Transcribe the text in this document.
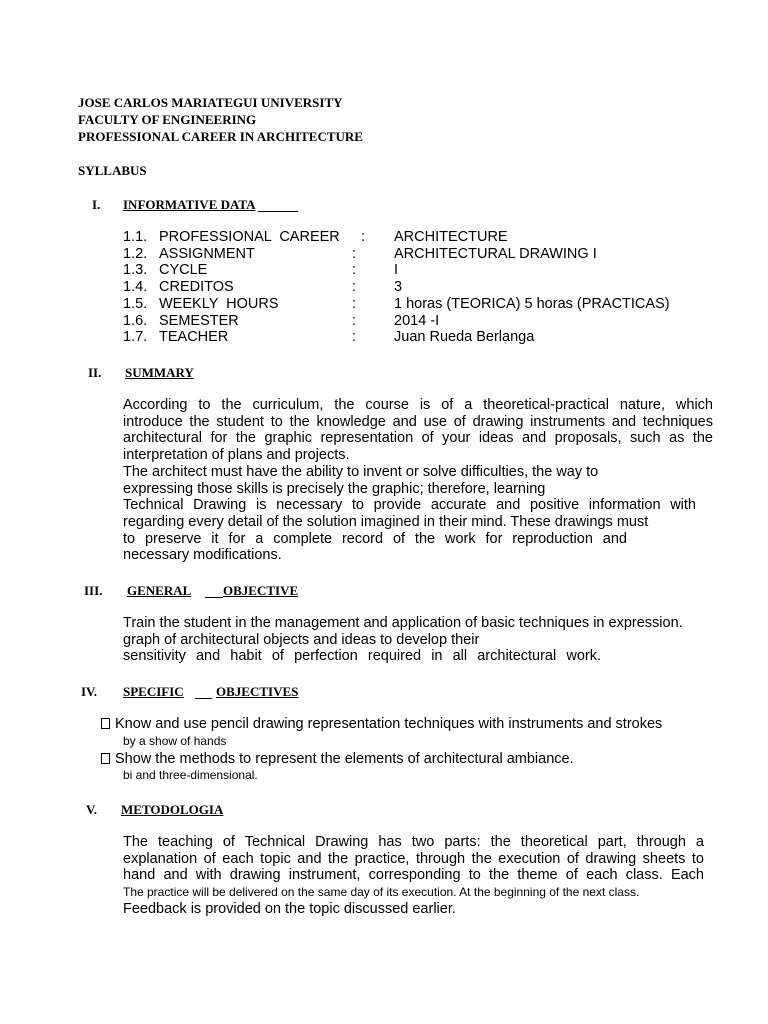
JOSE CARLOS MARIATEGUI UNIVERSITY
FACULTY OF ENGINEERING
PROFESSIONAL CAREER IN ARCHITECTURE
SYLLABUS
I. INFORMATIVE DATA
1.1.
1.2.
1.3.
1.4.
1.5.
1.6.
1.7.
PROFESSIONAL  CAREER
ASSIGNMENT
CYCLE
CREDITOS
WEEKLY  HOURS
SEMESTER
TEACHER
:
:
:
:
:
:
:
ARCHITECTURE
ARCHITECTURAL DRAWING I
I
3
1 horas (TEORICA) 5 horas (PRACTICAS)
2014 -I
Juan Rueda Berlanga
II. SUMMARY
According to the curriculum, the course is of a theoretical-practical nature, which
introduce the student to the knowledge and use of drawing instruments and techniques
architectural for the graphic representation of your ideas and proposals, such as the
interpretation of plans and projects.
The architect must have the ability to invent or solve difficulties, the way to
expressing those skills is precisely the graphic; therefore, learning
Technical Drawing is necessary to provide accurate and positive information with
regarding every detail of the solution imagined in their mind. These drawings must
to preserve it for a complete record of the work for reproduction and
necessary modifications.
III. GENERAL OBJECTIVE
Train the student in the management and application of basic techniques in expression.
graph of architectural objects and ideas to develop their
sensitivity and habit of perfection required in all architectural work.
IV. SPECIFIC OBJECTIVES
Know and use pencil drawing representation techniques with instruments and strokes
by a show of hands
Show the methods to represent the elements of architectural ambiance.
bi and three-dimensional.
V. METODOLOGIA
The teaching of Technical Drawing has two parts: the theoretical part, through a
explanation of each topic and the practice, through the execution of drawing sheets to
hand and with drawing instrument, corresponding to the theme of each class. Each
The practice will be delivered on the same day of its execution. At the beginning of the next class.
Feedback is provided on the topic discussed earlier.
